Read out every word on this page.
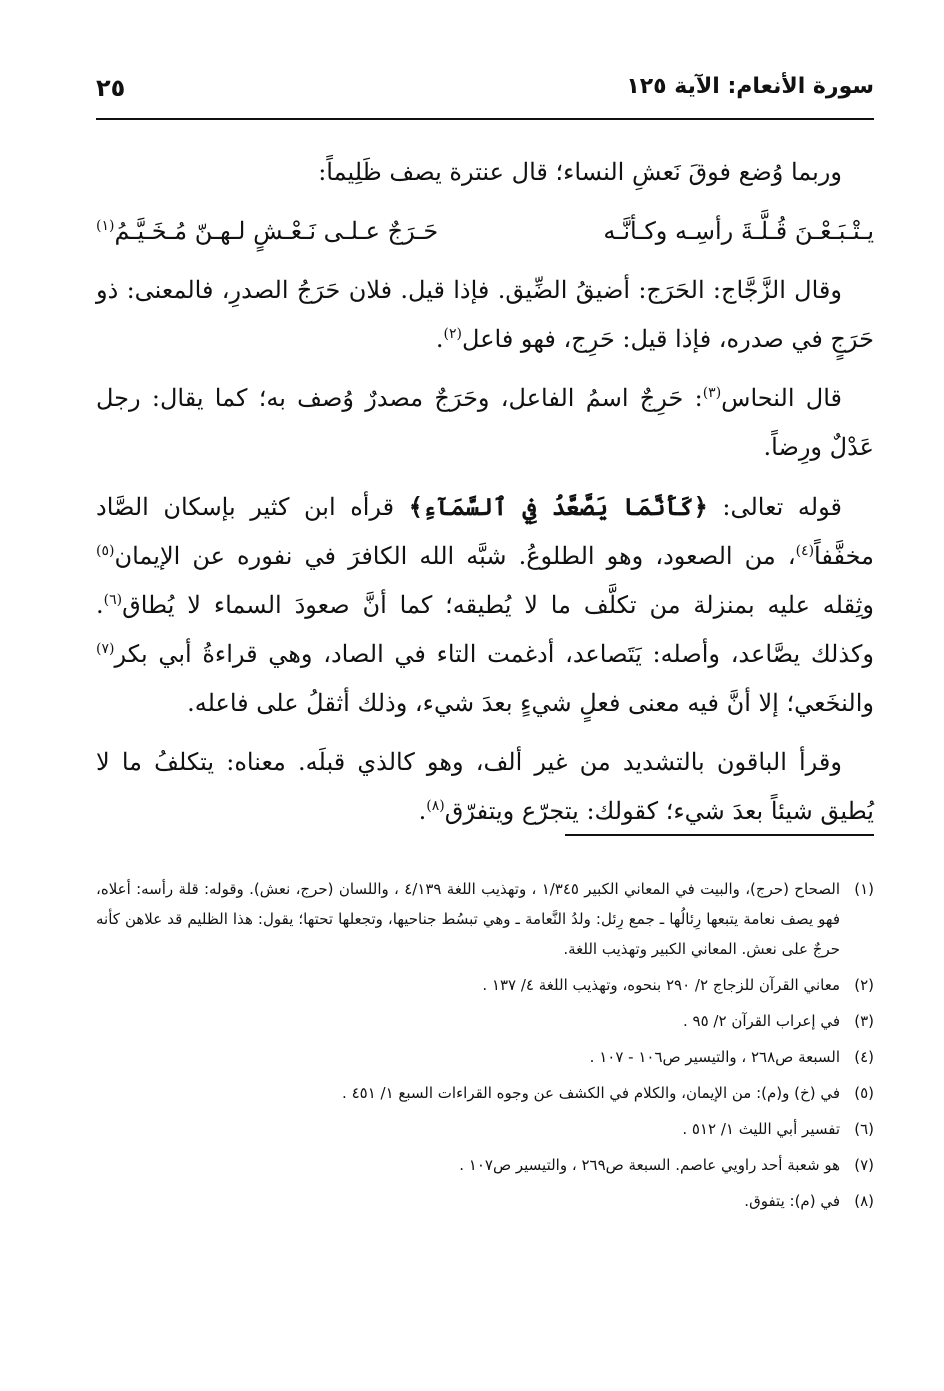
سورة الأنعام: الآية ١٢٥
٢٥

وربما وُضع فوقَ نَعشِ النساء؛ قال عنترة يصف ظَلِيماً:

يـتْـبَـعْـنَ قُـلَّـةَ رأسِـه وكـأنَّـه
حَـرَجٌ عـلـى نَـعْـشٍ لـهـنّ مُـخَـيَّـمُ$^{(١)}$

وقال الزَّجَّاج: الحَرَج: أضيقُ الضِّيق. فإذا قيل. فلان حَرَجُ الصدرِ، فالمعنى: ذو حَرَجٍ في صدره، فإذا قيل: حَرِج، فهو فاعل$^{(٢)}$.

قال النحاس$^{(٣)}$: حَرِجٌ اسمُ الفاعل، وحَرَجٌ مصدرٌ وُصف به؛ كما يقال: رجل عَدْلٌ ورِضاً.

قوله تعالى: ﴿كَأَنَّمَا يَصَّعَّدُ فِي ٱلسَّمَآءِ﴾ قرأه ابن كثير بإسكان الصَّاد مخفَّفاً$^{(٤)}$، من الصعود، وهو الطلوعُ. شبَّه الله الكافرَ في نفوره عن الإيمان$^{(٥)}$ وثِقله عليه بمنزلة من تكلَّف ما لا يُطيقه؛ كما أنَّ صعودَ السماء لا يُطاق$^{(٦)}$. وكذلك يصَّاعد، وأصله: يَتَصاعد، أدغمت التاء في الصاد، وهي قراءةُ أبي بكر$^{(٧)}$ والنخَعي؛ إلا أنَّ فيه معنى فعلٍ شيءٍ بعدَ شيء، وذلك أثقلُ على فاعله.

وقرأ الباقون بالتشديد من غير ألف، وهو كالذي قبلَه. معناه: يتكلفُ ما لا يُطيق شيئاً بعدَ شيء؛ كقولك: يتجرّع ويتفرّق$^{(٨)}$.

(١)
الصحاح (حرج)، والبيت في المعاني الكبير ١/٣٤٥ ، وتهذيب اللغة ٤/١٣٩ ، واللسان (حرج، نعش). وقوله: قلة رأسه: أعلاه، فهو يصف نعامة يتبعها رِئالُها ـ جمع رِئل: ولدُ النَّعامة ـ وهي تبسُط جناحيها، وتجعلها تحتها؛ يقول: هذا الظليم قد علاهن كأنه حرجٌ على نعش. المعاني الكبير وتهذيب اللغة.
(٢)
معاني القرآن للزجاج ٢/ ٢٩٠ بنحوه، وتهذيب اللغة ٤/ ١٣٧ .
(٣)
في إعراب القرآن ٢/ ٩٥ .
(٤)
السبعة ص٢٦٨ ، والتيسير ص١٠٦ - ١٠٧ .
(٥)
في (خ) و(م): من الإيمان، والكلام في الكشف عن وجوه القراءات السبع ١/ ٤٥١ .
(٦)
تفسير أبي الليث ١/ ٥١٢ .
(٧)
هو شعبة أحد راويي عاصم. السبعة ص٢٦٩ ، والتيسير ص١٠٧ .
(٨)
في (م): يتفوق.
